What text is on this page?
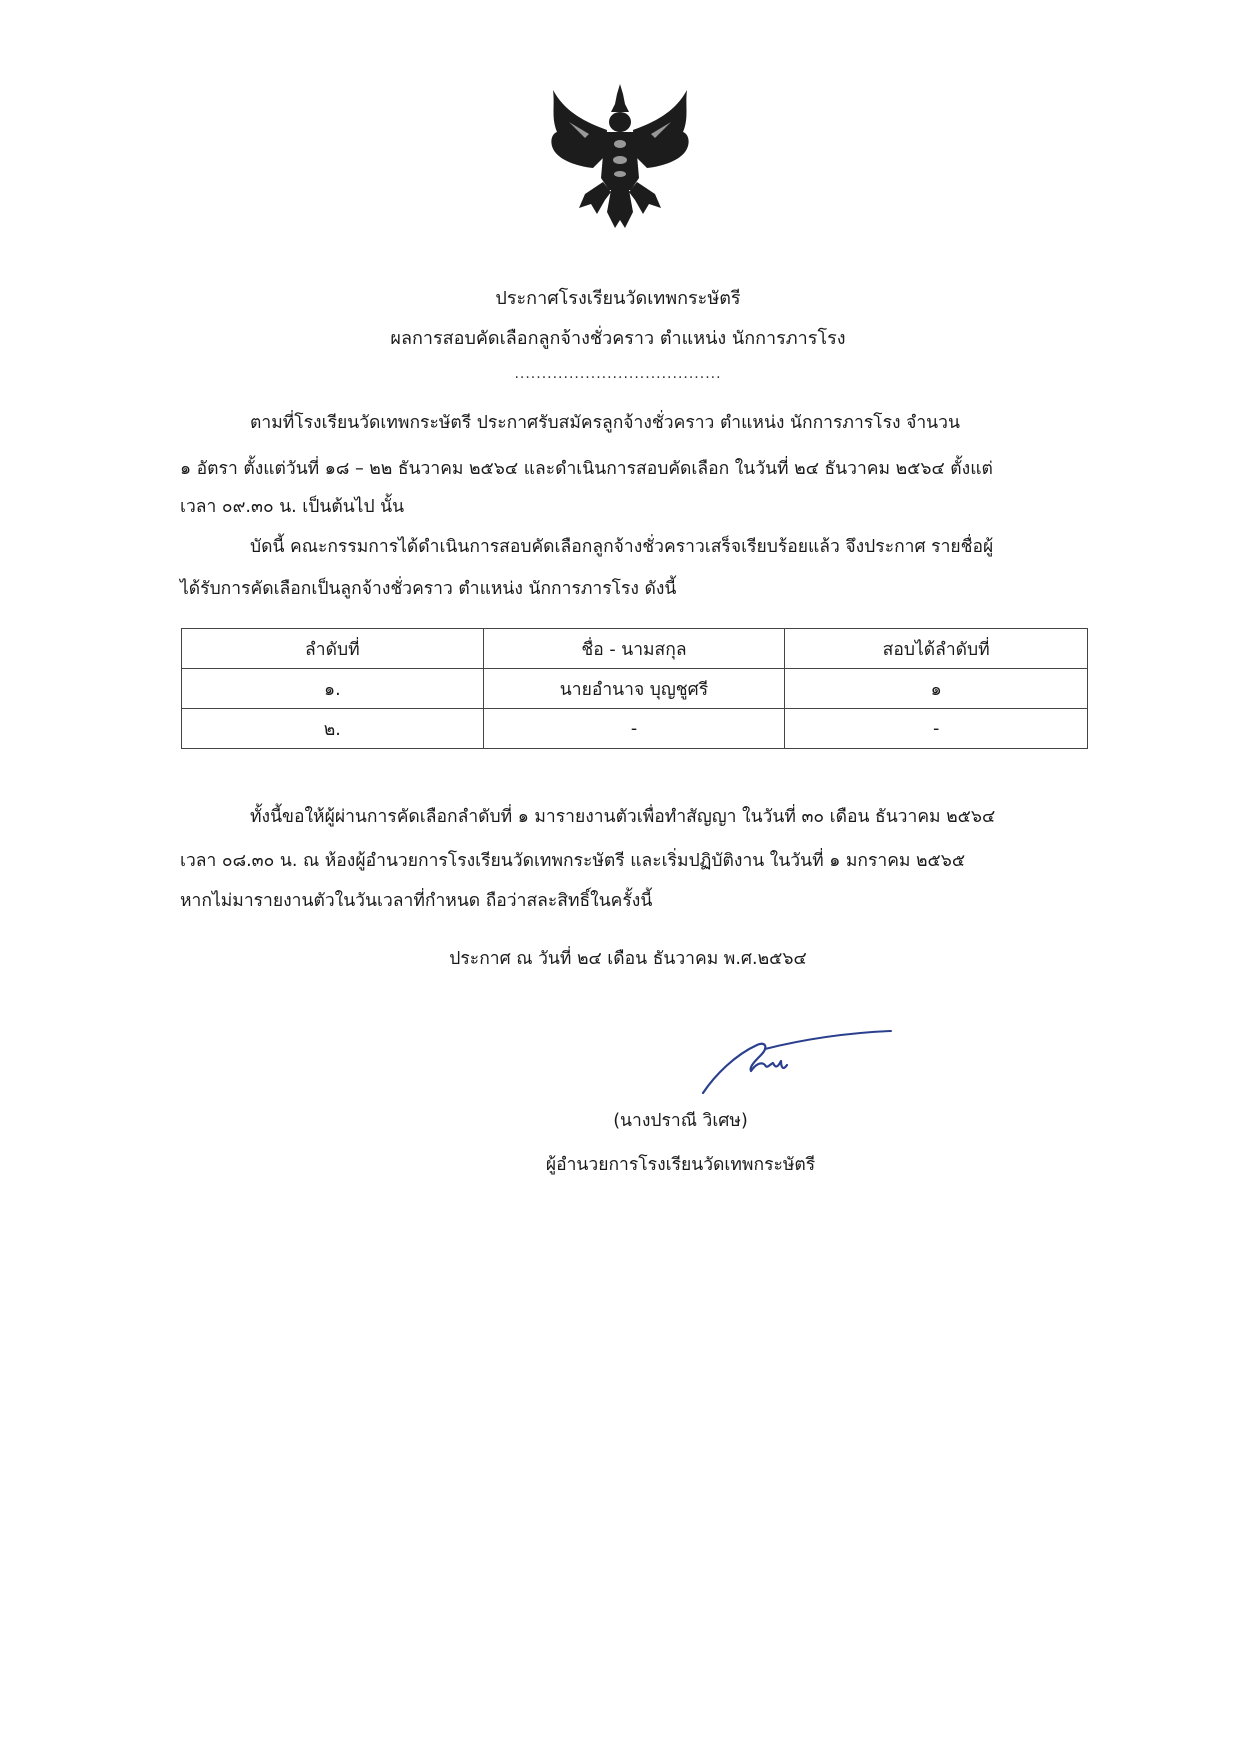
ประกาศโรงเรียนวัดเทพกระษัตรี
ผลการสอบคัดเลือกลูกจ้างชั่วคราว ตำแหน่ง นักการภารโรง
......................................
ตามที่โรงเรียนวัดเทพกระษัตรี ประกาศรับสมัครลูกจ้างชั่วคราว ตำแหน่ง นักการภารโรง จำนวน
๑ อัตรา ตั้งแต่วันที่ ๑๘ – ๒๒ ธันวาคม ๒๕๖๔ และดำเนินการสอบคัดเลือก ในวันที่ ๒๔ ธันวาคม ๒๕๖๔ ตั้งแต่
เวลา ๐๙.๓๐ น. เป็นต้นไป นั้น
บัดนี้ คณะกรรมการได้ดำเนินการสอบคัดเลือกลูกจ้างชั่วคราวเสร็จเรียบร้อยแล้ว จึงประกาศ รายชื่อผู้
ได้รับการคัดเลือกเป็นลูกจ้างชั่วคราว ตำแหน่ง นักการภารโรง ดังนี้
ลำดับที่	ชื่อ - นามสกุล	สอบได้ลำดับที่
๑.	นายอำนาจ บุญชูศรี	๑
๒.	-	-
ทั้งนี้ขอให้ผู้ผ่านการคัดเลือกลำดับที่ ๑ มารายงานตัวเพื่อทำสัญญา ในวันที่ ๓๐ เดือน ธันวาคม ๒๕๖๔
เวลา ๐๘.๓๐ น. ณ ห้องผู้อำนวยการโรงเรียนวัดเทพกระษัตรี และเริ่มปฏิบัติงาน ในวันที่ ๑ มกราคม ๒๕๖๕
หากไม่มารายงานตัวในวันเวลาที่กำหนด ถือว่าสละสิทธิ์ในครั้งนี้
ประกาศ ณ วันที่ ๒๔ เดือน ธันวาคม พ.ศ.๒๕๖๔
(นางปราณี วิเศษ)
ผู้อำนวยการโรงเรียนวัดเทพกระษัตรี
